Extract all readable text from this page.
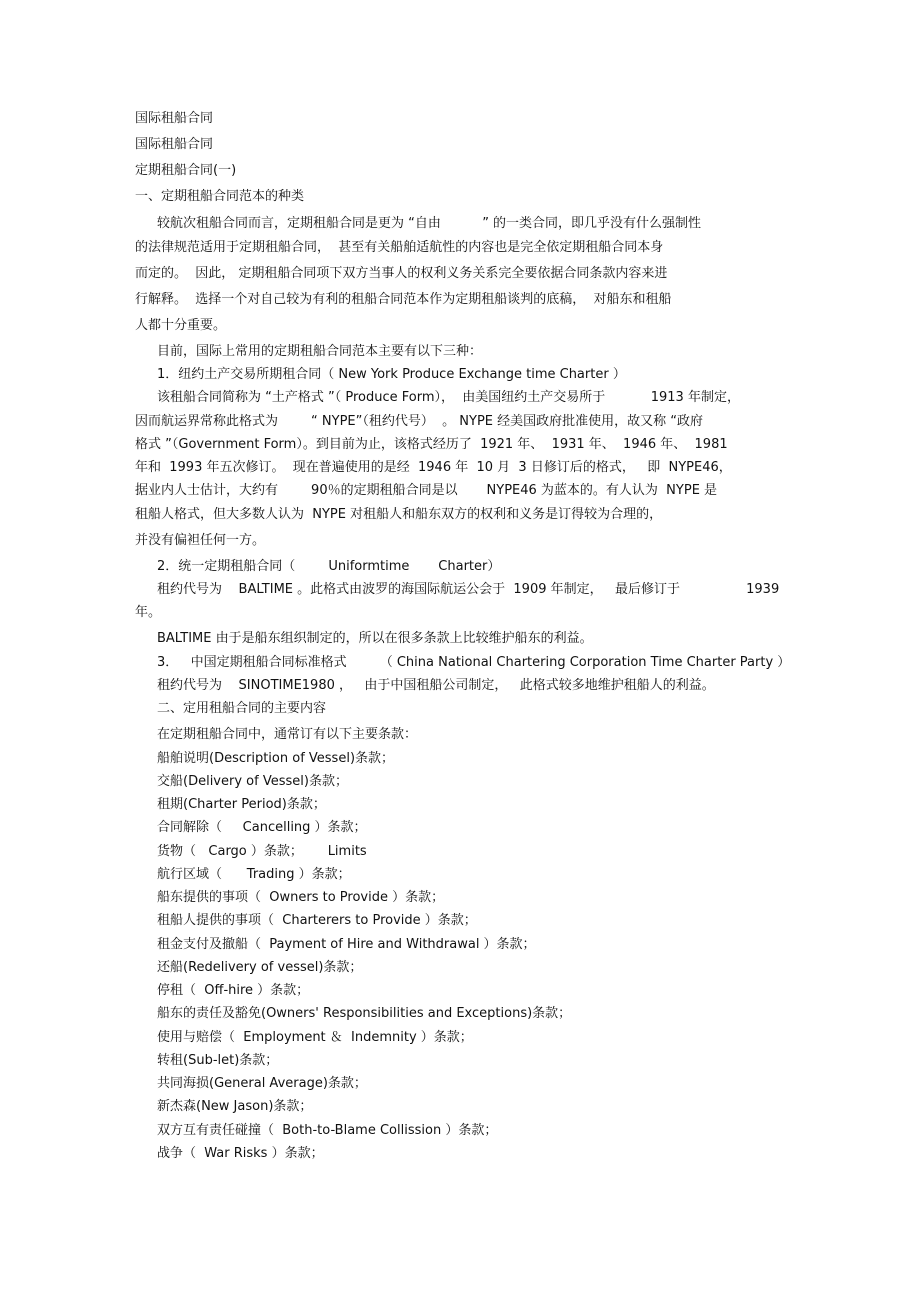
国际租船合同
国际租船合同
定期租船合同(一)
一、定期租船合同范本的种类
较航次租船合同而言，定期租船合同是更为 “自由          ” 的一类合同，即几乎没有什么强制性
的法律规范适用于定期租船合同，  甚至有关船舶适航性的内容也是完全依定期租船合同本身
而定的。  因此， 定期租船合同项下双方当事人的权利义务关系完全要依据合同条款内容来进
行解释。  选择一个对自己较为有利的租船合同范本作为定期租船谈判的底稿，  对船东和租船
人都十分重要。
目前，国际上常用的定期租船合同范本主要有以下三种：
1．纽约土产交易所期租合同（ New York Produce Exchange time Charter ）
该租船合同简称为 “土产格式 ”（ Produce Form），  由美国纽约土产交易所于           1913 年制定，
因而航运界常称此格式为        “ NYPE”（租约代号）  。 NYPE 经美国政府批准使用，故又称 “政府
格式 ”（Government Form）。到目前为止，该格式经历了  1921 年、  1931 年、  1946 年、  1981
年和  1993 年五次修订。  现在普遍使用的是经  1946 年  10 月  3 日修订后的格式，   即  NYPE46，
据业内人士估计，大约有        90％的定期租船合同是以       NYPE46 为蓝本的。有人认为  NYPE 是
租船人格式，但大多数人认为  NYPE 对租船人和船东双方的权利和义务是订得较为合理的，
并没有偏袒任何一方。
2．统一定期租船合同（        Uniformtime       Charter）
租约代号为    BALTIME 。此格式由波罗的海国际航运公会于  1909 年制定，   最后修订于                1939
年。
BALTIME 由于是船东组织制定的，所以在很多条款上比较维护船东的利益。
3．   中国定期租船合同标准格式        （ China National Chartering Corporation Time Charter Party ）
租约代号为    SINOTIME1980 ，   由于中国租船公司制定，   此格式较多地维护租船人的利益。
二、定用租船合同的主要内容
在定期租船合同中，通常订有以下主要条款：
船舶说明(Description of Vessel)条款；
交船(Delivery of Vessel)条款；
租期(Charter Period)条款；
合同解除（     Cancelling ）条款；
货物（   Cargo ）条款；      Limits
航行区域（      Trading ）条款；
船东提供的事项（  Owners to Provide ）条款；
租船人提供的事项（  Charterers to Provide ）条款；
租金支付及撤船（  Payment of Hire and Withdrawal ）条款；
还船(Redelivery of vessel)条款；
停租（  Off-hire ）条款；
船东的责任及豁免(Owners' Responsibilities and Exceptions)条款；
使用与赔偿（  Employment ＆  Indemnity ）条款；
转租(Sub-let)条款；
共同海损(General Average)条款；
新杰森(New Jason)条款；
双方互有责任碰撞（  Both-to-Blame Collission ）条款；
战争（  War Risks ）条款；
